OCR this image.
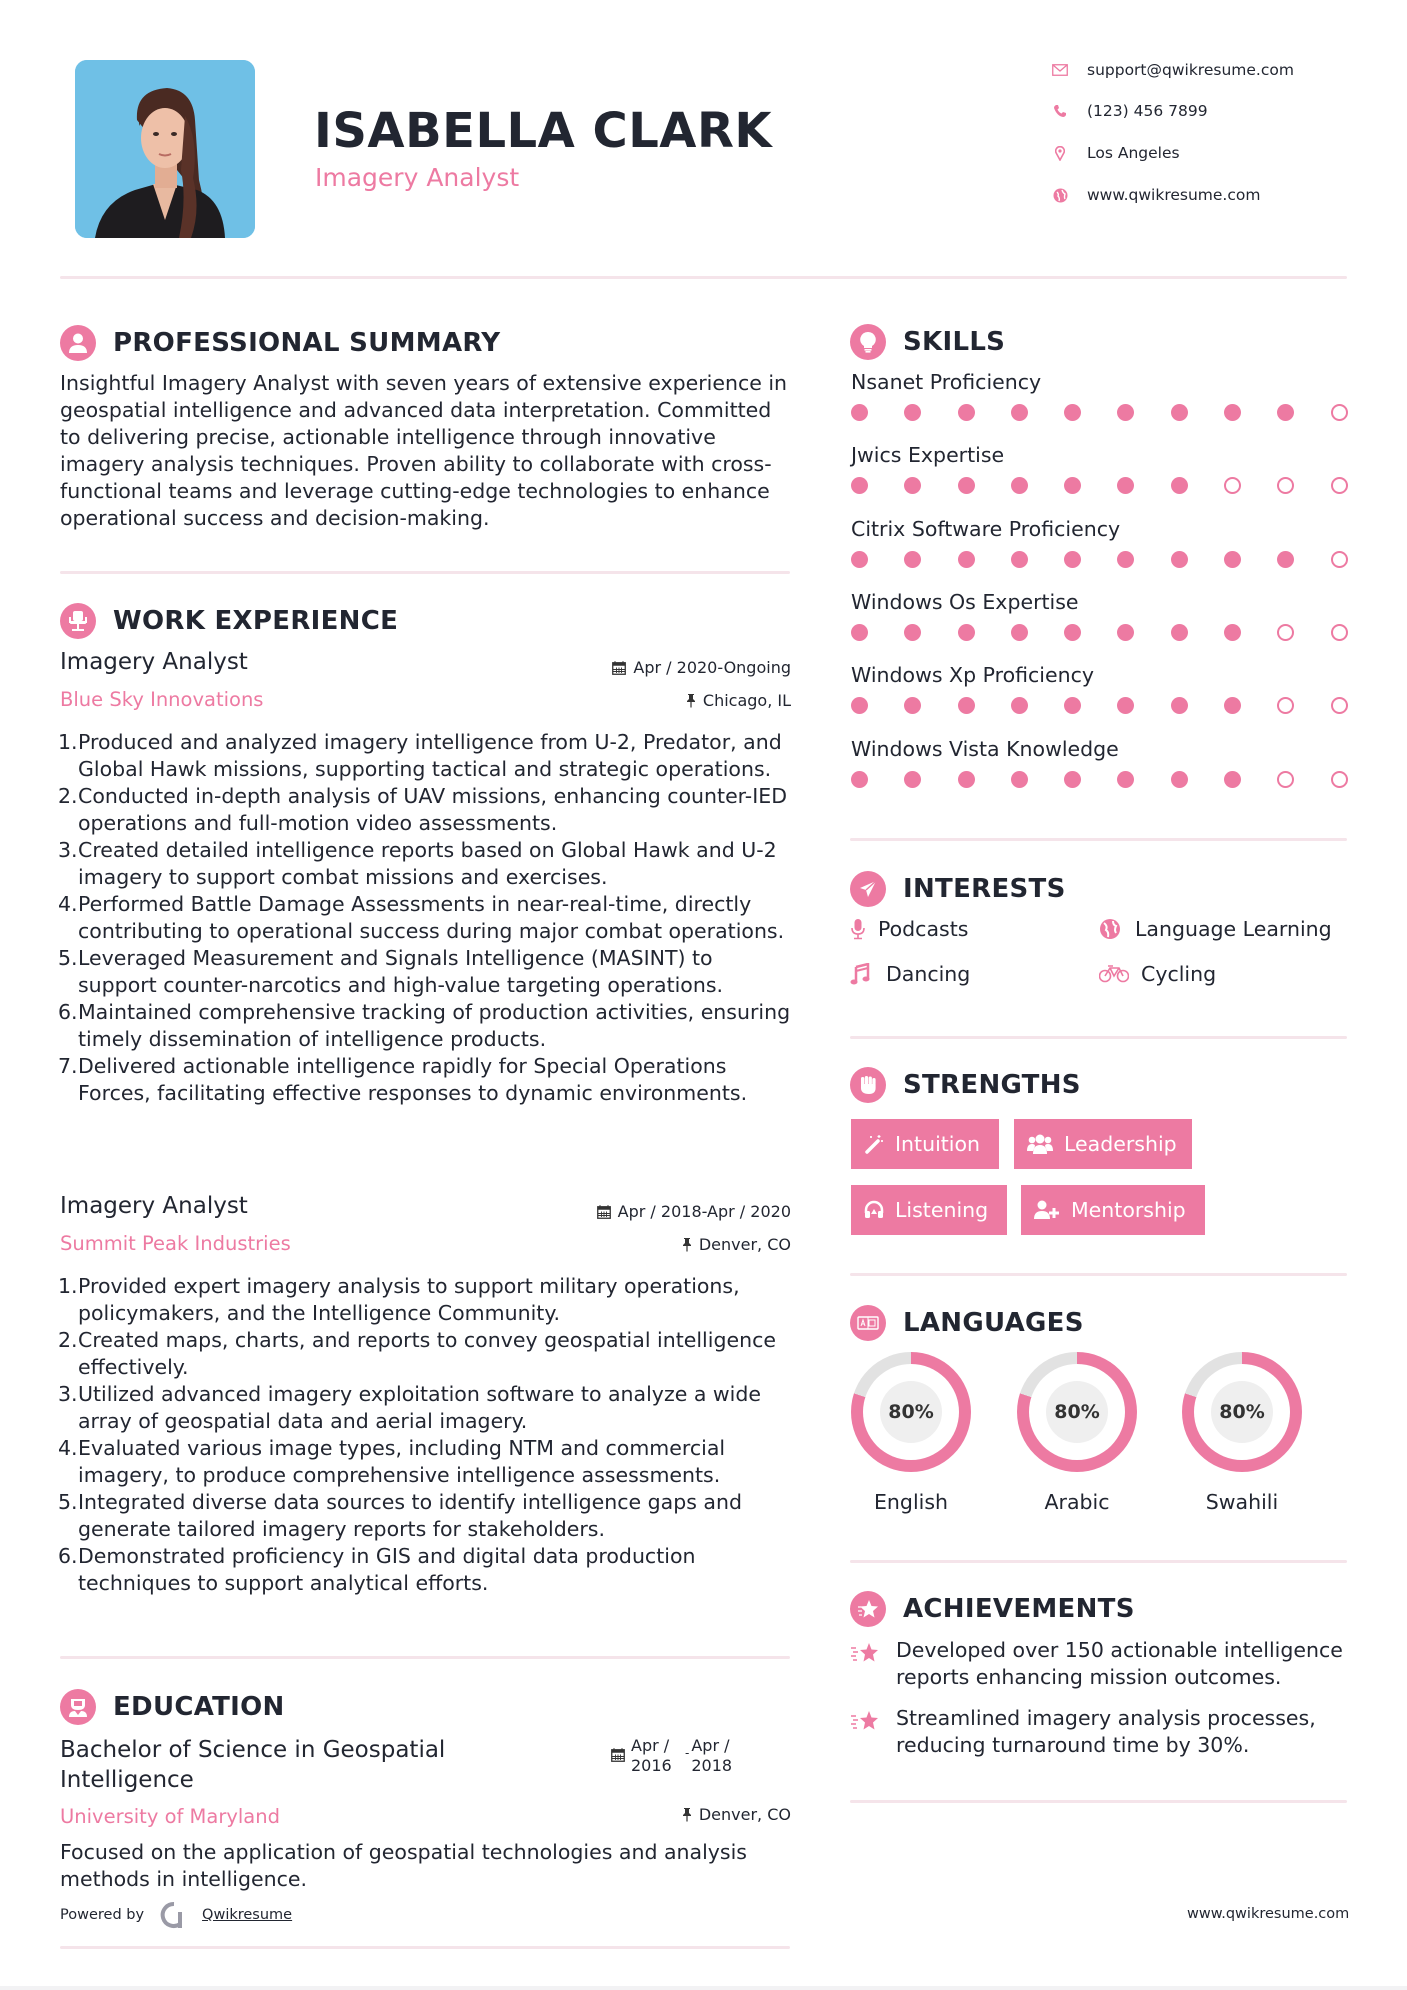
ISABELLA CLARK
Imagery Analyst
support@qwikresume.com
(123) 456 7899
Los Angeles
www.qwikresume.com
PROFESSIONAL SUMMARY
Insightful Imagery Analyst with seven years of extensive experience in geospatial intelligence and advanced data interpretation. Committed to delivering precise, actionable intelligence through innovative imagery analysis techniques. Proven ability to collaborate with cross-functional teams and leverage cutting-edge technologies to enhance operational success and decision-making.
WORK EXPERIENCE
Imagery Analyst	Apr / 2020-Ongoing
Blue Sky Innovations	Chicago, IL
1. Produced and analyzed imagery intelligence from U-2, Predator, and Global Hawk missions, supporting tactical and strategic operations.
2. Conducted in-depth analysis of UAV missions, enhancing counter-IED operations and full-motion video assessments.
3. Created detailed intelligence reports based on Global Hawk and U-2 imagery to support combat missions and exercises.
4. Performed Battle Damage Assessments in near-real-time, directly contributing to operational success during major combat operations.
5. Leveraged Measurement and Signals Intelligence (MASINT) to support counter-narcotics and high-value targeting operations.
6. Maintained comprehensive tracking of production activities, ensuring timely dissemination of intelligence products.
7. Delivered actionable intelligence rapidly for Special Operations Forces, facilitating effective responses to dynamic environments.
Imagery Analyst	Apr / 2018-Apr / 2020
Summit Peak Industries	Denver, CO
1. Provided expert imagery analysis to support military operations, policymakers, and the Intelligence Community.
2. Created maps, charts, and reports to convey geospatial intelligence effectively.
3. Utilized advanced imagery exploitation software to analyze a wide array of geospatial data and aerial imagery.
4. Evaluated various image types, including NTM and commercial imagery, to produce comprehensive intelligence assessments.
5. Integrated diverse data sources to identify intelligence gaps and generate tailored imagery reports for stakeholders.
6. Demonstrated proficiency in GIS and digital data production techniques to support analytical efforts.
EDUCATION
Bachelor of Science in Geospatial Intelligence
Apr / 2016
- Apr / 2018
University of Maryland	Denver, CO
Focused on the application of geospatial technologies and analysis methods in intelligence.
Powered by	Qwikresume
SKILLS
Nsanet Proficiency
Jwics Expertise
Citrix Software Proficiency
Windows Os Expertise
Windows Xp Proficiency
Windows Vista Knowledge
INTERESTS
Podcasts	Language Learning
Dancing	Cycling
STRENGTHS
Intuition	Leadership
Listening	Mentorship
LANGUAGES
80%
English
80%
Arabic
80%
Swahili
ACHIEVEMENTS
Developed over 150 actionable intelligence reports enhancing mission outcomes.
Streamlined imagery analysis processes, reducing turnaround time by 30%.
www.qwikresume.com
